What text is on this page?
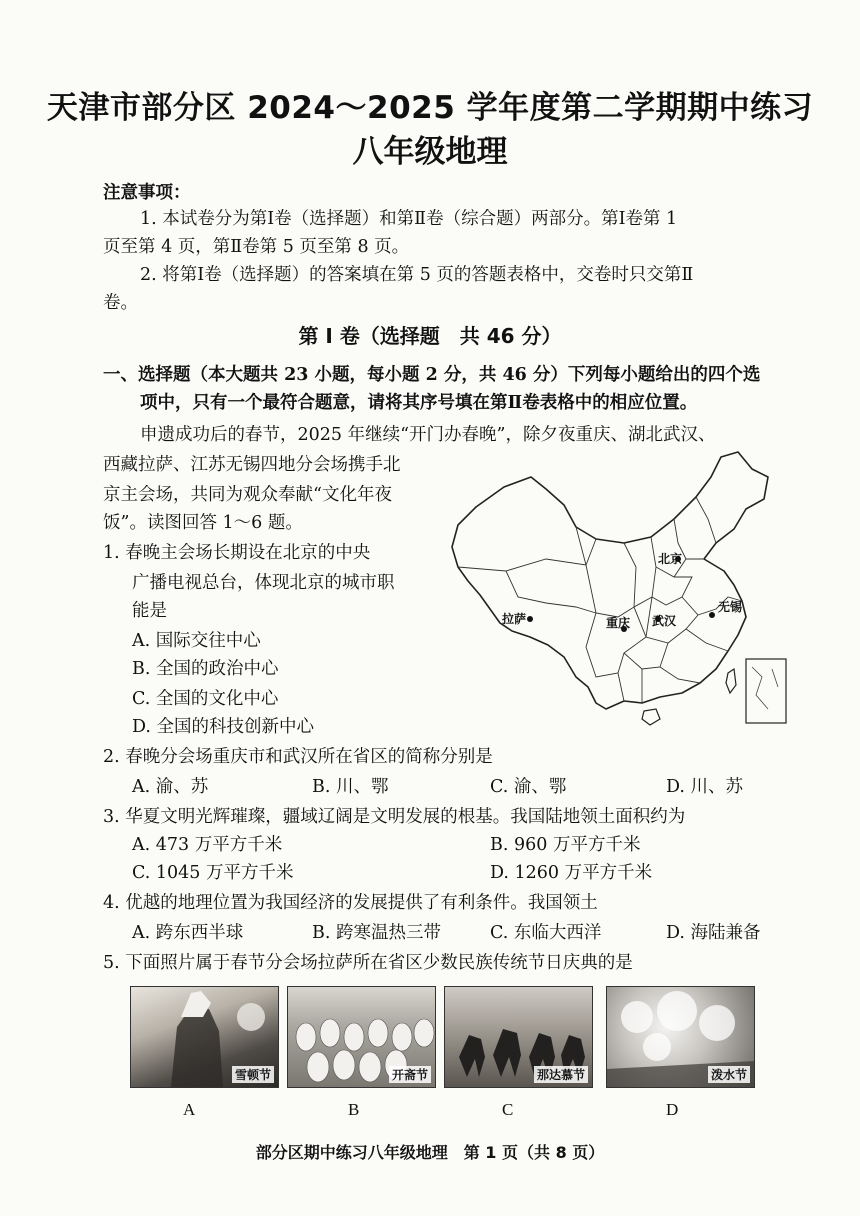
天津市部分区 2024～2025 学年度第二学期期中练习
八年级地理
注意事项：
1. 本试卷分为第Ⅰ卷（选择题）和第Ⅱ卷（综合题）两部分。第Ⅰ卷第 1
页至第 4 页，第Ⅱ卷第 5 页至第 8 页。
2. 将第Ⅰ卷（选择题）的答案填在第 5 页的答题表格中，交卷时只交第Ⅱ
卷。
第 Ⅰ 卷（选择题　共 46 分）
一、选择题（本大题共 23 小题，每小题 2 分，共 46 分）下列每小题给出的四个选
项中，只有一个最符合题意，请将其序号填在第Ⅱ卷表格中的相应位置。
申遗成功后的春节，2025 年继续“开门办春晚”，除夕夜重庆、湖北武汉、
西藏拉萨、江苏无锡四地分会场携手北
京主会场，共同为观众奉献“文化年夜
饭”。读图回答 1～6 题。
北京
拉萨	重庆 武汉
无锡
1. 春晚主会场长期设在北京的中央
广播电视总台，体现北京的城市职
能是
A. 国际交往中心
B. 全国的政治中心
C. 全国的文化中心
D. 全国的科技创新中心
2. 春晚分会场重庆市和武汉所在省区的简称分别是
A. 渝、苏	B. 川、鄂	C. 渝、鄂	D. 川、苏
3. 华夏文明光辉璀璨，疆域辽阔是文明发展的根基。我国陆地领土面积约为
A. 473 万平方千米	B. 960 万平方千米
C. 1045 万平方千米	D. 1260 万平方千米
4. 优越的地理位置为我国经济的发展提供了有利条件。我国领土
A. 跨东西半球	B. 跨寒温热三带	C. 东临大西洋	D. 海陆兼备
5. 下面照片属于春节分会场拉萨所在省区少数民族传统节日庆典的是
雪顿节	开斋节	那达慕节	泼水节
A	B	C	D
部分区期中练习八年级地理　第 1 页（共 8 页）
